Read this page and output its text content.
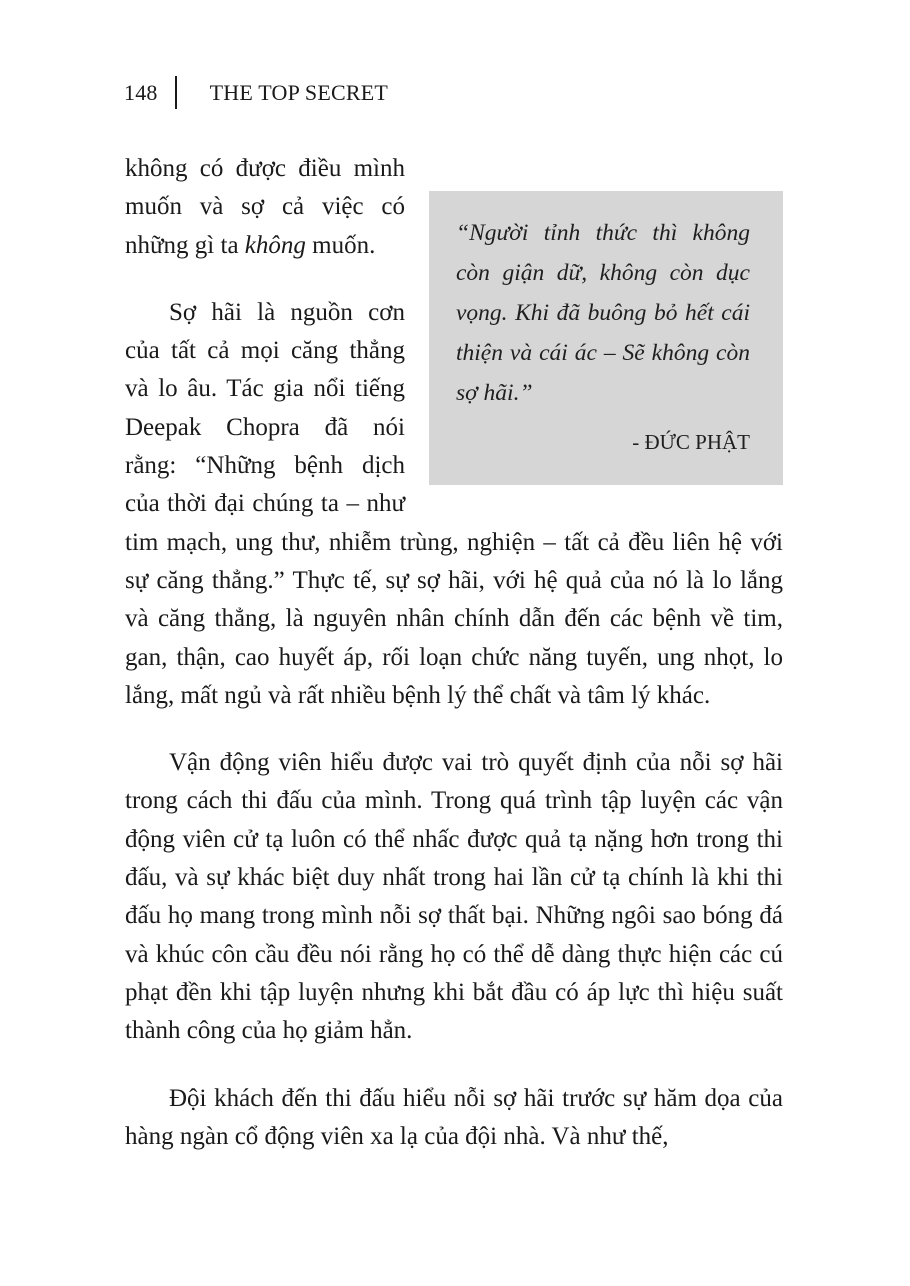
148 THE TOP SECRET
“Người tỉnh thức thì không còn giận dữ, không còn dục vọng. Khi đã buông bỏ hết cái thiện và cái ác – Sẽ không còn sợ hãi.”
- ĐỨC PHẬT

không có được điều mình muốn và sợ cả việc có những gì ta không muốn.

Sợ hãi là nguồn cơn của tất cả mọi căng thẳng và lo âu. Tác gia nổi tiếng Deepak Chopra đã nói rằng: “Những bệnh dịch của thời đại chúng ta – như tim mạch, ung thư, nhiễm trùng, nghiện – tất cả đều liên hệ với sự căng thẳng.” Thực tế, sự sợ hãi, với hệ quả của nó là lo lắng và căng thẳng, là nguyên nhân chính dẫn đến các bệnh về tim, gan, thận, cao huyết áp, rối loạn chức năng tuyến, ung nhọt, lo lắng, mất ngủ và rất nhiều bệnh lý thể chất và tâm lý khác.

Vận động viên hiểu được vai trò quyết định của nỗi sợ hãi trong cách thi đấu của mình. Trong quá trình tập luyện các vận động viên cử tạ luôn có thể nhấc được quả tạ nặng hơn trong thi đấu, và sự khác biệt duy nhất trong hai lần cử tạ chính là khi thi đấu họ mang trong mình nỗi sợ thất bại. Những ngôi sao bóng đá và khúc côn cầu đều nói rằng họ có thể dễ dàng thực hiện các cú phạt đền khi tập luyện nhưng khi bắt đầu có áp lực thì hiệu suất thành công của họ giảm hẳn.

Đội khách đến thi đấu hiểu nỗi sợ hãi trước sự hăm dọa của hàng ngàn cổ động viên xa lạ của đội nhà. Và như thế,
